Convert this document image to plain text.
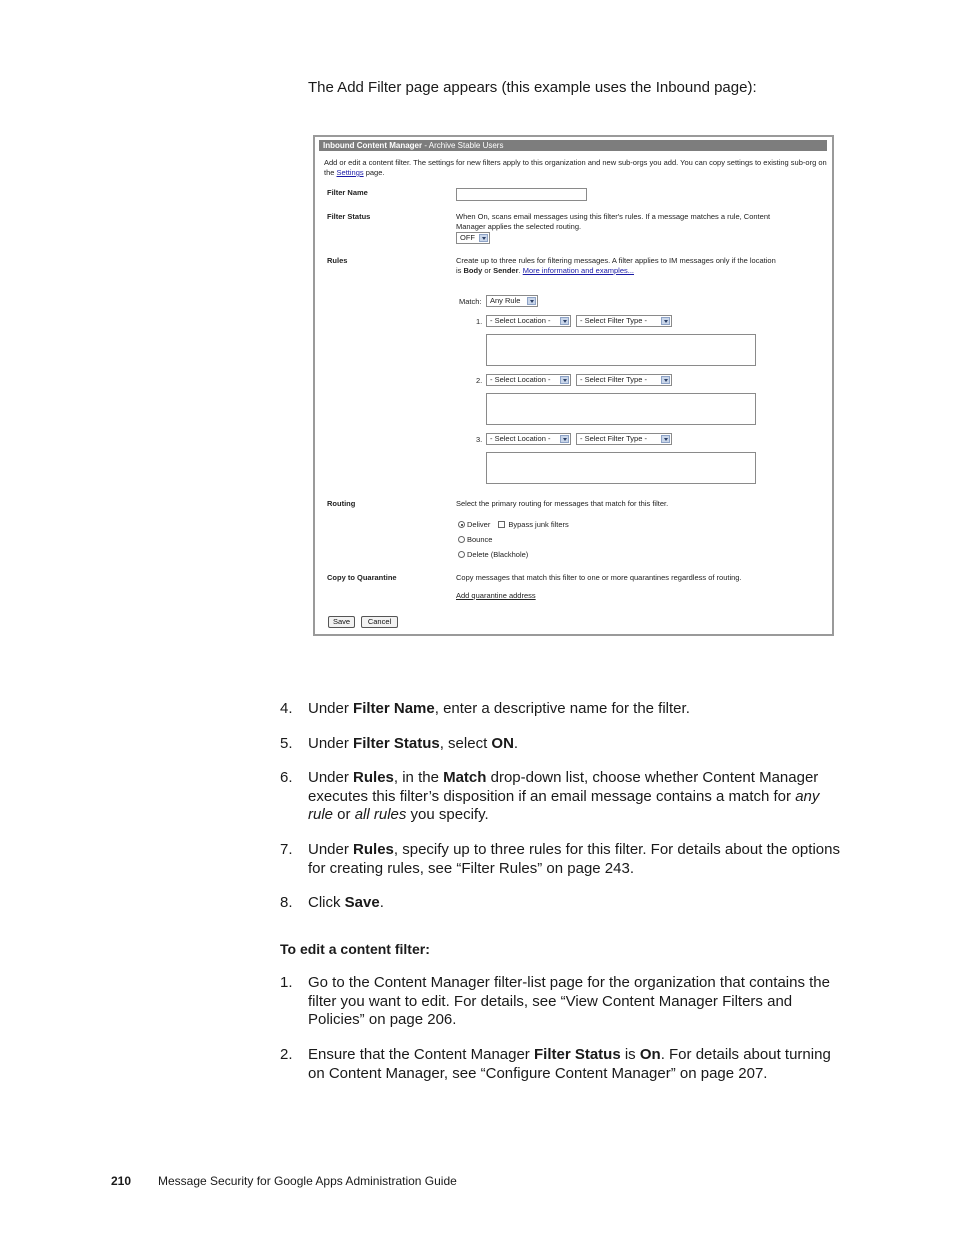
The Add Filter page appears (this example uses the Inbound page):
Inbound Content Manager - Archive Stable Users
Add or edit a content filter. The settings for new filters apply to this organization and new sub-orgs you add. You can copy settings to existing sub-org on the Settings page.
Filter Name
Filter Status	When On, scans email messages using this filter's rules. If a message matches a rule, Content Manager applies the selected routing.
OFF
Rules	Create up to three rules for filtering messages. A filter applies to IM messages only if the location is Body or Sender. More information and examples...
Match:	Any Rule
1.	- Select Location -	- Select Filter Type -
2.	- Select Location -	- Select Filter Type -
3.	- Select Location -	- Select Filter Type -
Routing	Select the primary routing for messages that match for this filter.
Deliver Bypass junk filters
Bounce
Delete (Blackhole)
Copy to Quarantine	Copy messages that match this filter to one or more quarantines regardless of routing.
Add quarantine address
Save	Cancel
4. Under Filter Name, enter a descriptive name for the filter.
5. Under Filter Status, select ON.
6. Under Rules, in the Match drop-down list, choose whether Content Manager executes this filter’s disposition if an email message contains a match for any rule or all rules you specify.
7. Under Rules, specify up to three rules for this filter. For details about the options for creating rules, see “Filter Rules” on page 243.
8. Click Save.
To edit a content filter:
1. Go to the Content Manager filter-list page for the organization that contains the filter you want to edit. For details, see “View Content Manager Filters and Policies” on page 206.
2. Ensure that the Content Manager Filter Status is On. For details about turning on Content Manager, see “Configure Content Manager” on page 207.
210 Message Security for Google Apps Administration Guide
